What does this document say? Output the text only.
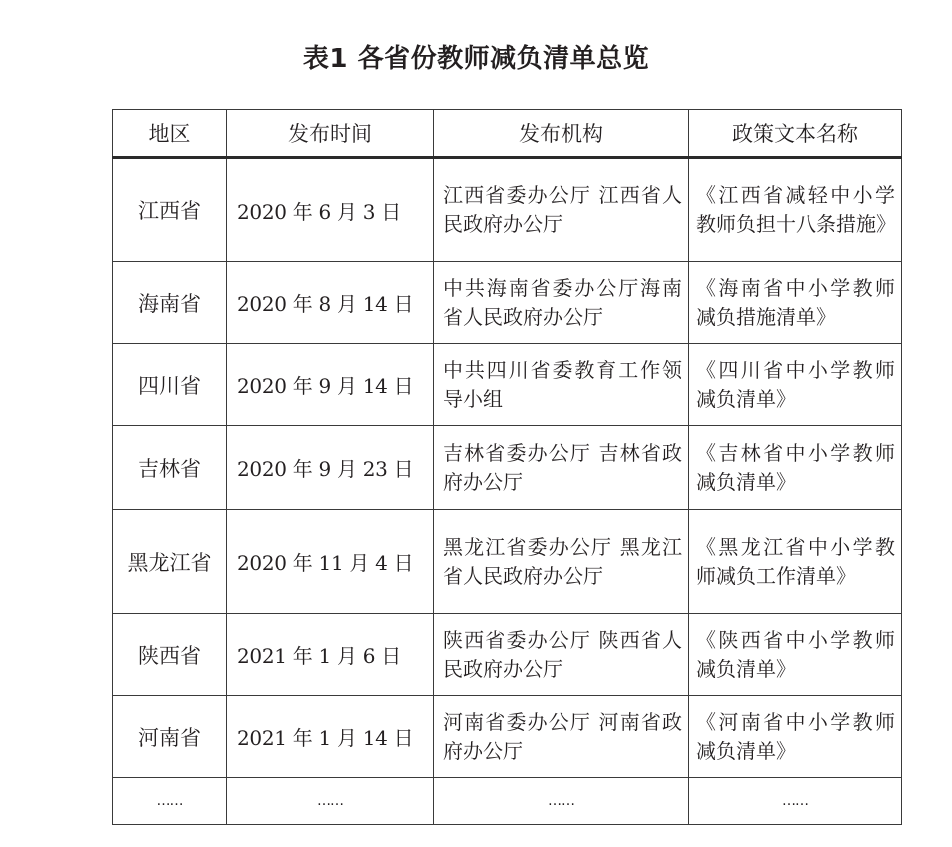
表1 各省份教师减负清单总览
地区	发布时间	发布机构	政策文本名称
江西省	2020 年 6 月 3 日	江西省委办公厅 江西省人民政府办公厅	《江西省减轻中小学教师负担十八条措施》
海南省	2020 年 8 月 14 日	中共海南省委办公厅海南省人民政府办公厅	《海南省中小学教师减负措施清单》
四川省	2020 年 9 月 14 日	中共四川省委教育工作领导小组	《四川省中小学教师减负清单》
吉林省	2020 年 9 月 23 日	吉林省委办公厅 吉林省政府办公厅	《吉林省中小学教师减负清单》
黑龙江省	2020 年 11 月 4 日	黑龙江省委办公厅 黑龙江省人民政府办公厅	《黑龙江省中小学教师减负工作清单》
陕西省	2021 年 1 月 6 日	陕西省委办公厅 陕西省人民政府办公厅	《陕西省中小学教师减负清单》
河南省	2021 年 1 月 14 日	河南省委办公厅 河南省政府办公厅	《河南省中小学教师减负清单》
……	……	……	……
